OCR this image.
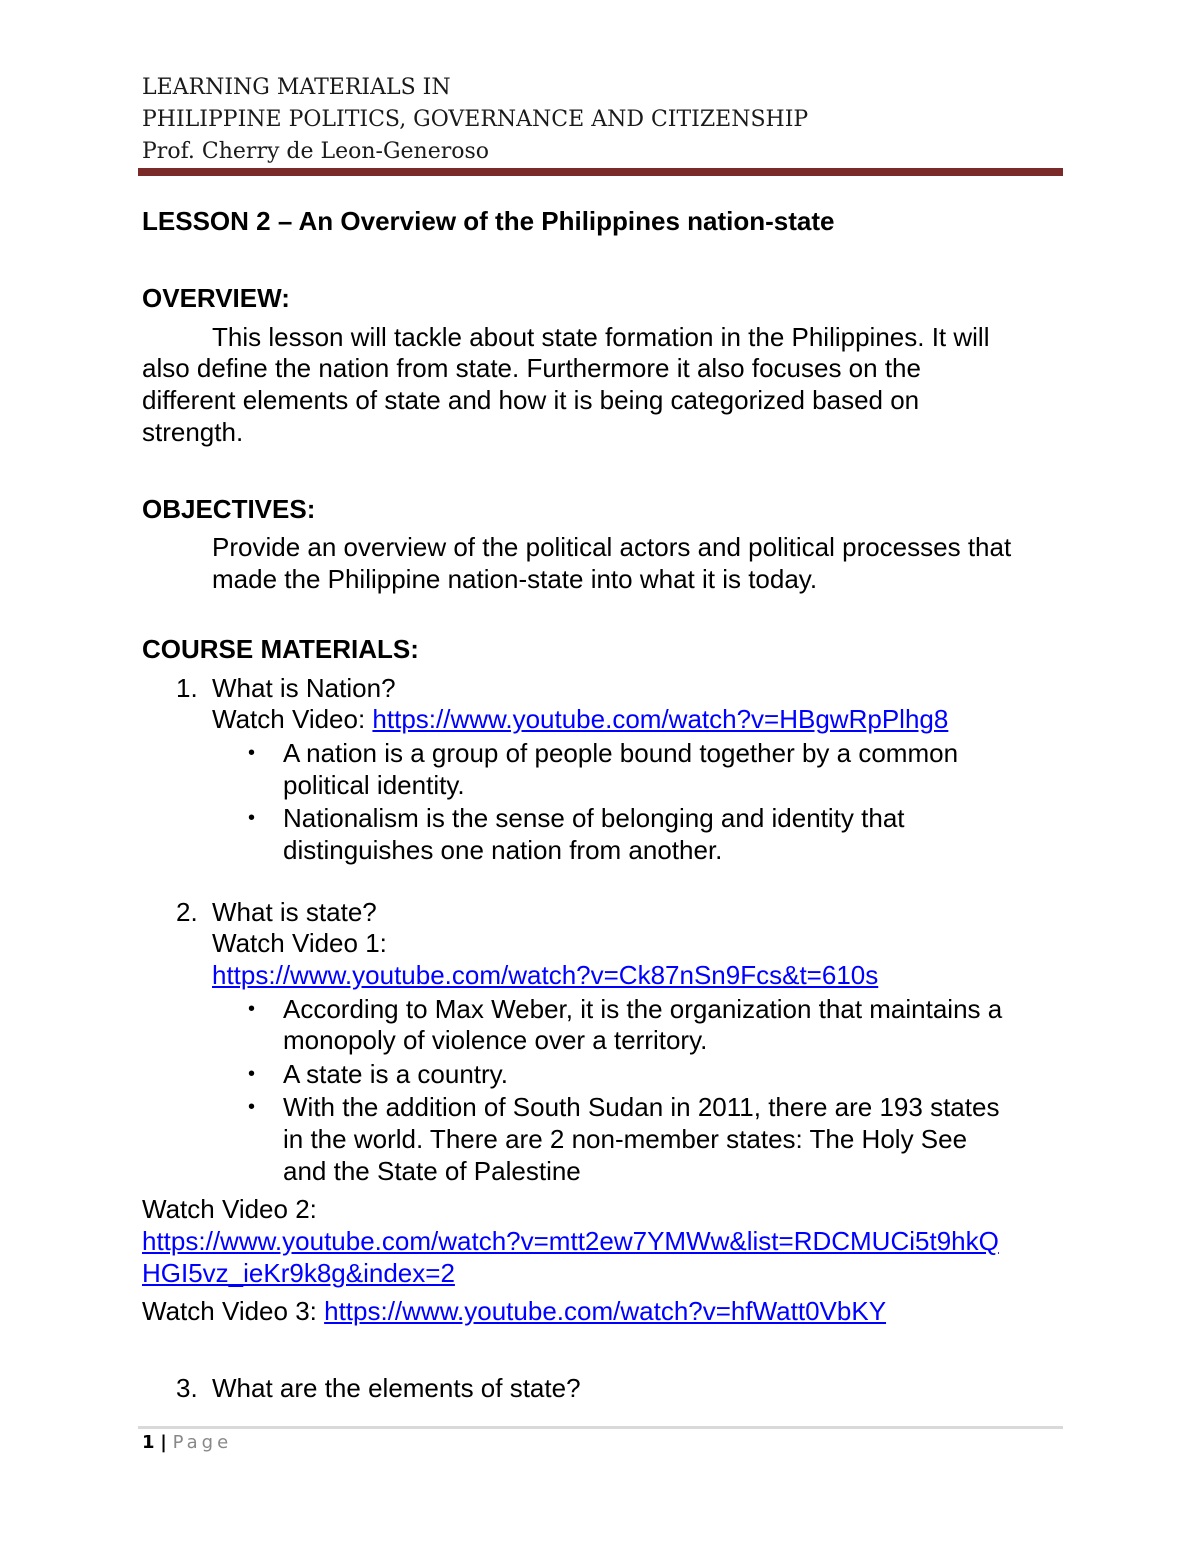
LEARNING MATERIALS IN
PHILIPPINE POLITICS, GOVERNANCE AND CITIZENSHIP
Prof. Cherry de Leon-Generoso
LESSON 2 – An Overview of the Philippines nation-state
OVERVIEW:
This lesson will tackle about state formation in the Philippines. It will
also define the nation from state. Furthermore it also focuses on the
different elements of state and how it is being categorized based on
strength.
OBJECTIVES:
Provide an overview of the political actors and political processes that
made the Philippine nation-state into what it is today.
COURSE MATERIALS:
1. What is Nation?
Watch Video: https://www.youtube.com/watch?v=HBgwRpPlhg8
• A nation is a group of people bound together by a common
political identity.
• Nationalism is the sense of belonging and identity that
distinguishes one nation from another.
2. What is state?
Watch Video 1:
https://www.youtube.com/watch?v=Ck87nSn9Fcs&t=610s
• According to Max Weber, it is the organization that maintains a
monopoly of violence over a territory.
• A state is a country.
• With the addition of South Sudan in 2011, there are 193 states
in the world. There are 2 non-member states: The Holy See
and the State of Palestine
Watch Video 2:
https://www.youtube.com/watch?v=mtt2ew7YMWw&list=RDCMUCi5t9hkQ
HGI5vz_ieKr9k8g&index=2
Watch Video 3: https://www.youtube.com/watch?v=hfWatt0VbKY
3. What are the elements of state?
1 | Page
